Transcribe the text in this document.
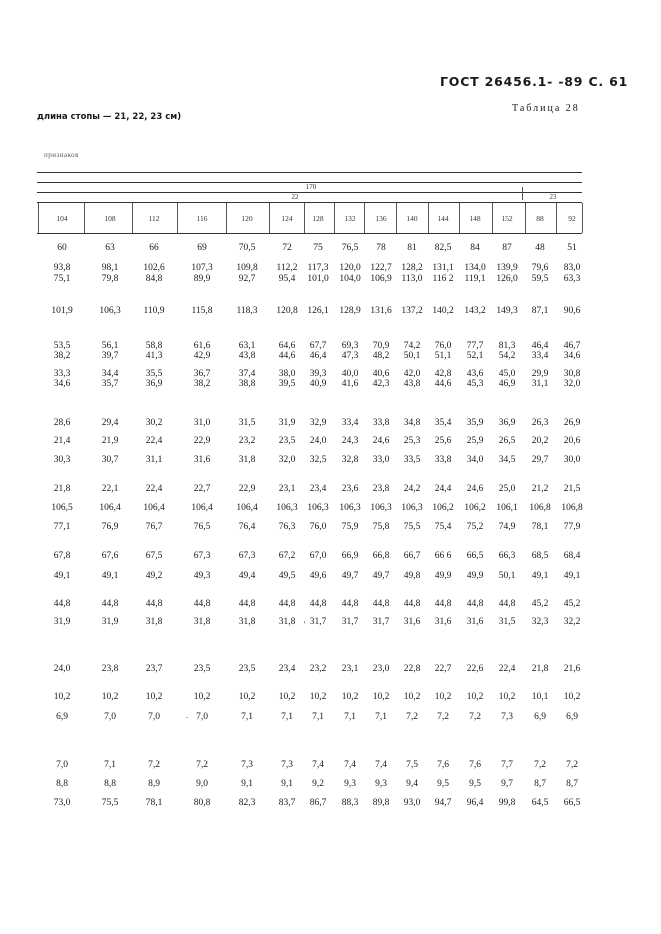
ГОСТ 26456.1- -89 С. 61
длина стопы — 21, 22, 23 см)
Таблица 28
признаков
170
22	23
104	108	112	116	120	124	128	132	136	140	144	148	152	88	92
60	63	66	69	70,5	72 75 76,5 78 81 82,5 84 87 48 51
93,8	98,1	102,6	107,3 109,8 112,2 117,3 120,0 122,7 128,2 131,1 134,0 139,9 79,6 83,0
75,1	79,8	84,8	89,9	92,7 95,4 101,0 104,0 106,9 113,0 116 2 119,1 126,0 59,5 63,3
101,9	106,3 110,9	115,8	118,3 120,8 126,1 128,9 131,6 137,2 140,2 143,2 149,3 87,1 90,6
53,5	56,1	58,8	61,6	63,1 64,6 67,7 69,3 70,9 74,2 76,0 77,7 81,3 46,4 46,7
38,2	39,7	41,3	42,9	43,8 44,6 46,4 47,3 48,2 50,1 51,1 52,1 54,2 33,4 34,6
33,3	34,4	35,5	36,7	37,4 38,0 39,3 40,0 40,6 42,0 42,8 43,6 45,0 29,9 30,8
34,6	35,7	36,9	38,2	38,8 39,5 40,9 41,6 42,3 43,8 44,6 45,3 46,9 31,1 32,0
28,6	29,4	30,2	31,0	31,5 31,9 32,9 33,4 33,8 34,8 35,4 35,9 36,9 26,3 26,9
21,4	21,9	22,4	22,9	23,2 23,5 24,0 24,3 24,6 25,3 25,6 25,9 26,5 20,2 20,6
30,3	30,7	31,1	31,6	31,8 32,0 32,5 32,8 33,0 33,5 33,8 34,0 34,5 29,7 30,0
21,8	22,1	22,4	22,7	22,9 23,1 23,4 23,6 23,8 24,2 24,4 24,6 25,0 21,2 21,5
106,5	106,4 106,4	106,4 106,4 106,3 106,3 106,3 106,3 106,3 106,2 106,2 106,1 106,8 106,8
77,1	76,9	76,7	76,5	76,4 76,3 76,0 75,9 75,8 75,5 75,4 75,2 74,9 78,1 77,9
67,8	67,6	67,5	67,3	67,3 67,2 67,0 66,9 66,8 66,7 66 6 66,5 66,3 68,5 68,4
49,1	49,1	49,2	49,3	49,4 49,5 49,6 49,7 49,7 49,8 49,9 49,9 50,1 49,1 49,1
44,8	44,8	44,8	44,8	44,8 44,8 44,8 44,8 44,8 44,8 44,8 44,8 44,8 45,2 45,2
31,9	31,9	31,8	31,8	31,8 31,8 31,7 31,7 31,7 31,6 31,6 31,6 31,5 32,3 32,2
24,0	23,8	23,7	23,5	23,5 23,4 23,2 23,1 23,0 22,8 22,7 22,6 22,4 21,8 21,6
10,2	10,2	10,2	10,2	10,2 10,2 10,2 10,2 10,2 10,2 10,2 10,2 10,2 10,1 10,2
6,9	7,0	7,0	7,0	7,1	7,1 7,1 7,1 7,1 7,2 7,2 7,2 7,3 6,9 6,9
7,0	7,1	7,2	7,2	7,3	7,3 7,4 7,4 7,4 7,5 7,6 7,6 7,7 7,2 7,2
8,8	8,8	8,9	9,0	9,1	9,1 9,2 9,3 9,3 9,4 9,5 9,5 9,7 8,7 8,7
73,0	75,5	78,1	80,8	82,3 83,7 86,7 88,3 89,8 93,0 94,7 96,4 99,8 64,5 66,5
.
'
